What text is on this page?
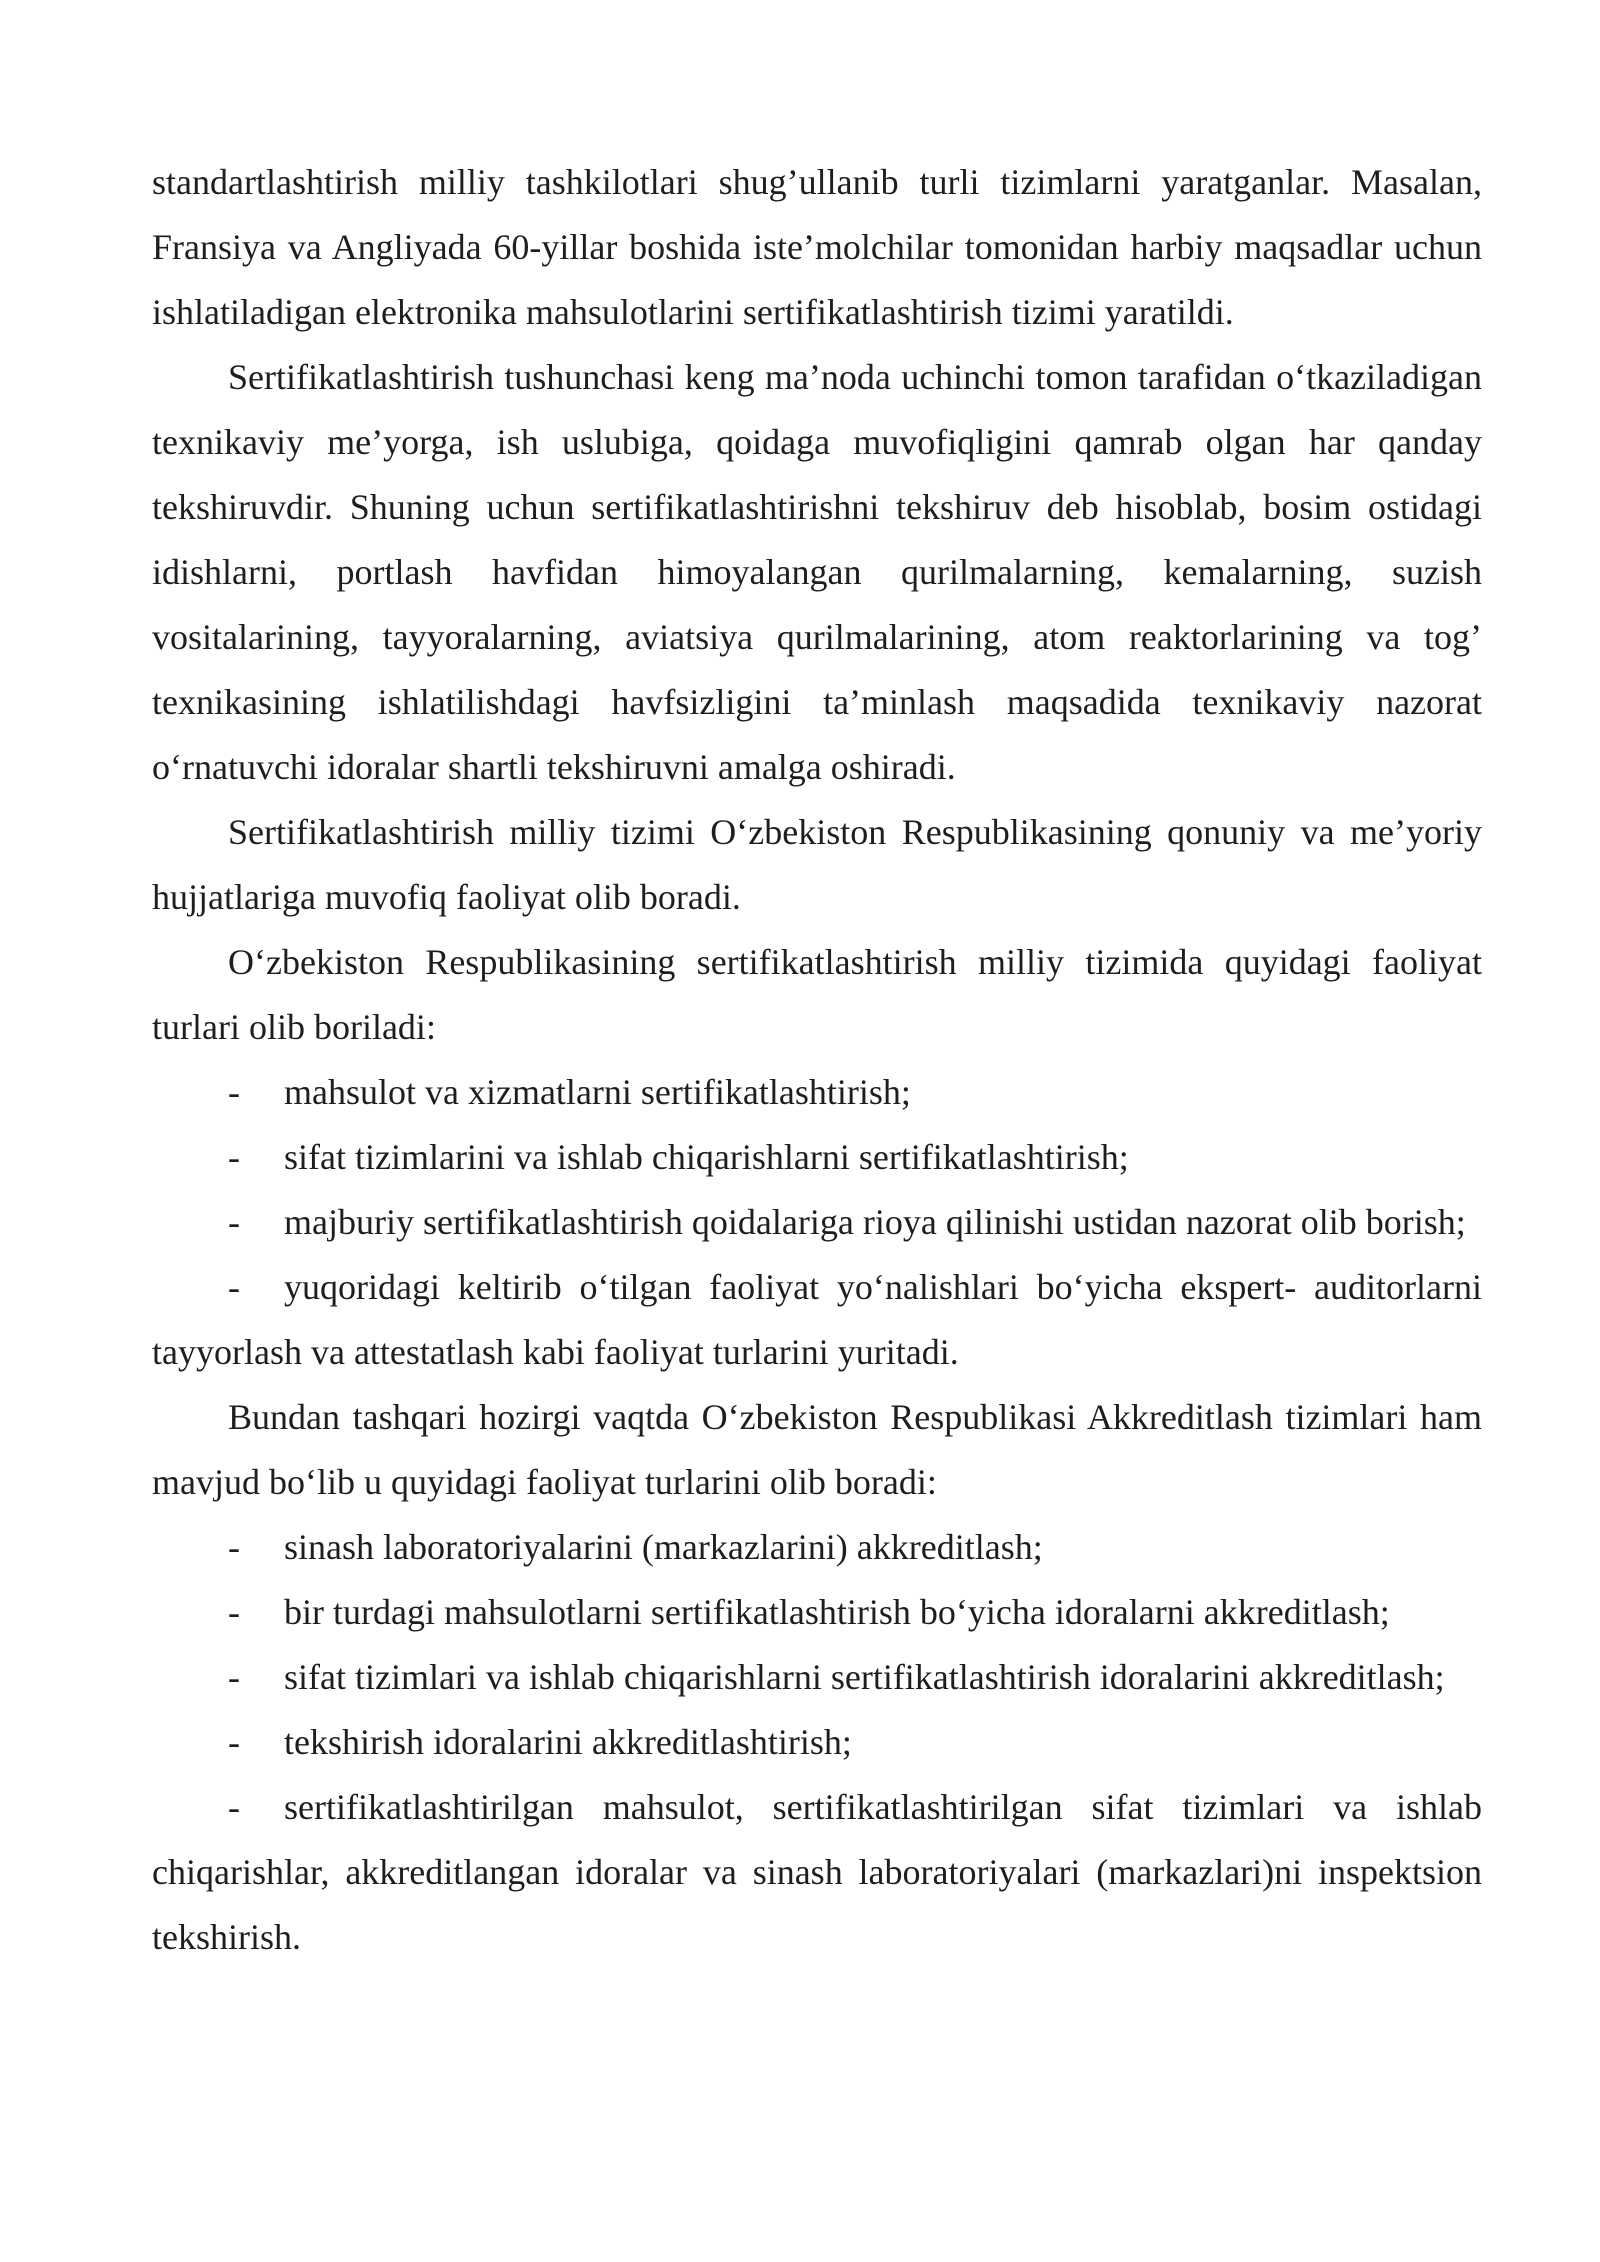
standartlashtirish milliy tashkilotlari shug’ullanib turli tizimlarni yaratganlar. Masalan, Fransiya va Angliyada 60-yillar boshida iste’molchilar tomonidan harbiy maqsadlar uchun ishlatiladigan elektronika mahsulotlarini sertifikatlashtirish tizimi yaratildi.

Sertifikatlashtirish tushunchasi keng ma’noda uchinchi tomon tarafidan o‘tkaziladigan texnikaviy me’yorga, ish uslubiga, qoidaga muvofiqligini qamrab olgan har qanday tekshiruvdir. Shuning uchun sertifikatlashtirishni tekshiruv deb hisoblab, bosim ostidagi idishlarni, portlash havfidan himoyalangan qurilmalarning, kemalarning, suzish vositalarining, tayyoralarning, aviatsiya qurilmalarining, atom reaktorlarining va tog’ texnikasining ishlatilishdagi havfsizligini ta’minlash maqsadida texnikaviy nazorat o‘rnatuvchi idoralar shartli tekshiruvni amalga oshiradi.

Sertifikatlashtirish milliy tizimi O‘zbekiston Respublikasining qonuniy va me’yoriy hujjatlariga muvofiq faoliyat olib boradi.

O‘zbekiston Respublikasining sertifikatlashtirish milliy tizimida quyidagi faoliyat turlari olib boriladi:

- mahsulot va xizmatlarni sertifikatlashtirish;

- sifat tizimlarini va ishlab chiqarishlarni sertifikatlashtirish;

- majburiy sertifikatlashtirish qoidalariga rioya qilinishi ustidan nazorat olib borish;

- yuqoridagi keltirib o‘tilgan faoliyat yo‘nalishlari bo‘yicha ekspert- auditorlarni tayyorlash va attestatlash kabi faoliyat turlarini yuritadi.

Bundan tashqari hozirgi vaqtda O‘zbekiston Respublikasi Akkreditlash tizimlari ham mavjud bo‘lib u quyidagi faoliyat turlarini olib boradi:

- sinash laboratoriyalarini (markazlarini) akkreditlash;

- bir turdagi mahsulotlarni sertifikatlashtirish bo‘yicha idoralarni akkreditlash;

- sifat tizimlari va ishlab chiqarishlarni sertifikatlashtirish idoralarini akkreditlash;

- tekshirish idoralarini akkreditlashtirish;

- sertifikatlashtirilgan mahsulot, sertifikatlashtirilgan sifat tizimlari va ishlab chiqarishlar, akkreditlangan idoralar va sinash laboratoriyalari (markazlari)ni inspektsion tekshirish.
